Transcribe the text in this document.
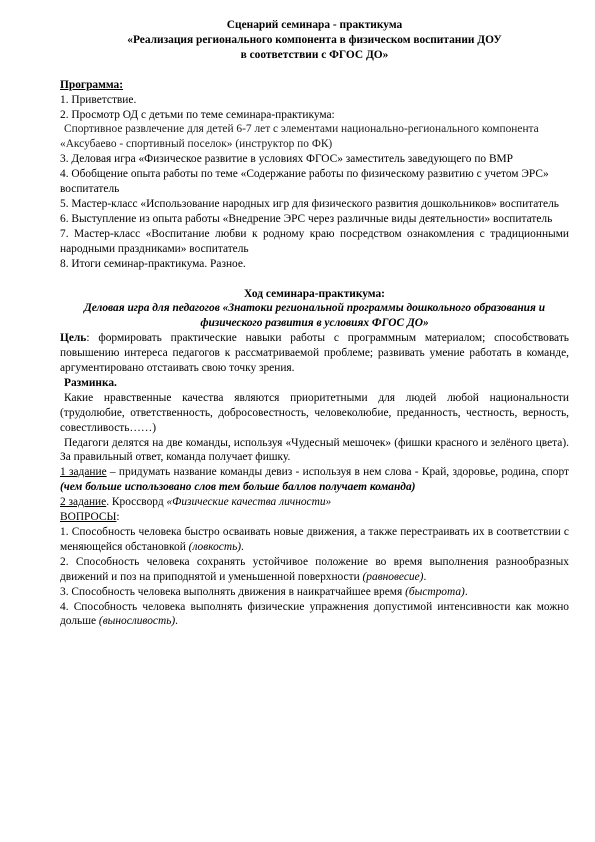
Сценарий семинара - практикума
«Реализация регионального компонента в физическом воспитании ДОУ
в соответствии с ФГОС ДО»

Программа:

1. Приветствие.

2. Просмотр ОД с детьми по теме семинара-практикума:

Спортивное развлечение для детей 6-7 лет с элементами национально-регионального компонента «Аксубаево - спортивный поселок» (инструктор по ФК)

3. Деловая игра «Физическое развитие в условиях ФГОС» заместитель заведующего по ВМР

4. Обобщение опыта работы по теме «Содержание работы по физическому развитию с учетом ЭРС» воспитатель

5. Мастер-класс «Использование народных игр для физического развития дошкольников» воспитатель

6. Выступление из опыта работы «Внедрение ЭРС через различные виды деятельности» воспитатель

7. Мастер-класс «Воспитание любви к родному краю посредством ознакомления с традиционными народными праздниками» воспитатель

8. Итоги семинар-практикума. Разное.

Ход семинара-практикума:

Деловая игра для педагогов «Знатоки региональной программы дошкольного образования и физического развития в условиях ФГОС ДО»

Цель: формировать практические навыки работы с программным материалом; способствовать повышению интереса педагогов к рассматриваемой проблеме; развивать умение работать в команде, аргументировано отстаивать свою точку зрения.

Разминка.

Какие нравственные качества являются приоритетными для людей любой национальности (трудолюбие, ответственность, добросовестность, человеколюбие, преданность, честность, верность, совестливость……)

Педагоги делятся на две команды, используя «Чудесный мешочек» (фишки красного и зелёного цвета). За правильный ответ, команда получает фишку.

1 задание – придумать название команды девиз - используя в нем слова - Край, здоровье, родина, спорт (чем больше использовано слов тем больше баллов получает команда)

2 задание. Кроссворд «Физические качества личности»

ВОПРОСЫ:

1. Способность человека быстро осваивать новые движения, а также перестраивать их в соответствии с меняющейся обстановкой (ловкость).

2. Способность человека сохранять устойчивое положение во время выполнения разнообразных движений и поз на приподнятой и уменьшенной поверхности (равновесие).

3. Способность человека выполнять движения в наикратчайшее время (быстрота).

4. Способность человека выполнять физические упражнения допустимой интенсивности как можно дольше (выносливость).
